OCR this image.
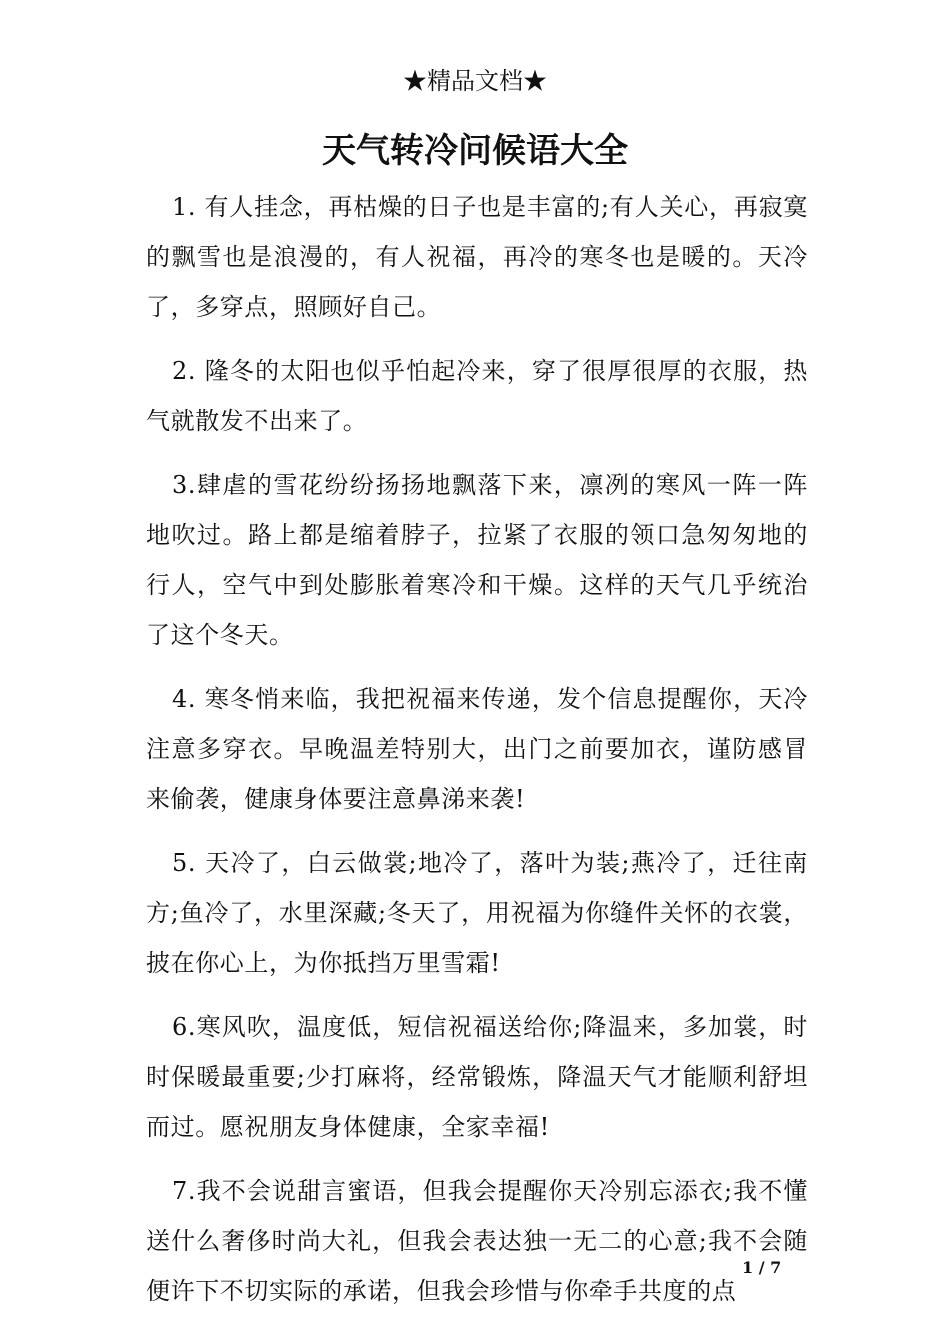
★精品文档★
天气转冷问候语大全

1. 有人挂念，再枯燥的日子也是丰富的;有人关心，再寂寞的飘雪也是浪漫的，有人祝福，再冷的寒冬也是暖的。天冷了，多穿点，照顾好自己。

2. 隆冬的太阳也似乎怕起冷来，穿了很厚很厚的衣服，热气就散发不出来了。

3.肆虐的雪花纷纷扬扬地飘落下来，凛冽的寒风一阵一阵地吹过。路上都是缩着脖子，拉紧了衣服的领口急匆匆地的行人，空气中到处膨胀着寒冷和干燥。这样的天气几乎统治了这个冬天。

4. 寒冬悄来临，我把祝福来传递，发个信息提醒你，天冷注意多穿衣。早晚温差特别大，出门之前要加衣，谨防感冒来偷袭，健康身体要注意鼻涕来袭!

5. 天冷了，白云做裳;地冷了，落叶为装;燕冷了，迁往南方;鱼冷了，水里深藏;冬天了，用祝福为你缝件关怀的衣裳，披在你心上，为你抵挡万里雪霜!

6.寒风吹，温度低，短信祝福送给你;降温来，多加裳，时时保暖最重要;少打麻将，经常锻炼，降温天气才能顺利舒坦而过。愿祝朋友身体健康，全家幸福!

7.我不会说甜言蜜语，但我会提醒你天冷别忘添衣;我不懂送什么奢侈时尚大礼，但我会表达独一无二的心意;我不会随便许下不切实际的承诺，但我会珍惜与你牵手共度的点

1 / 7
